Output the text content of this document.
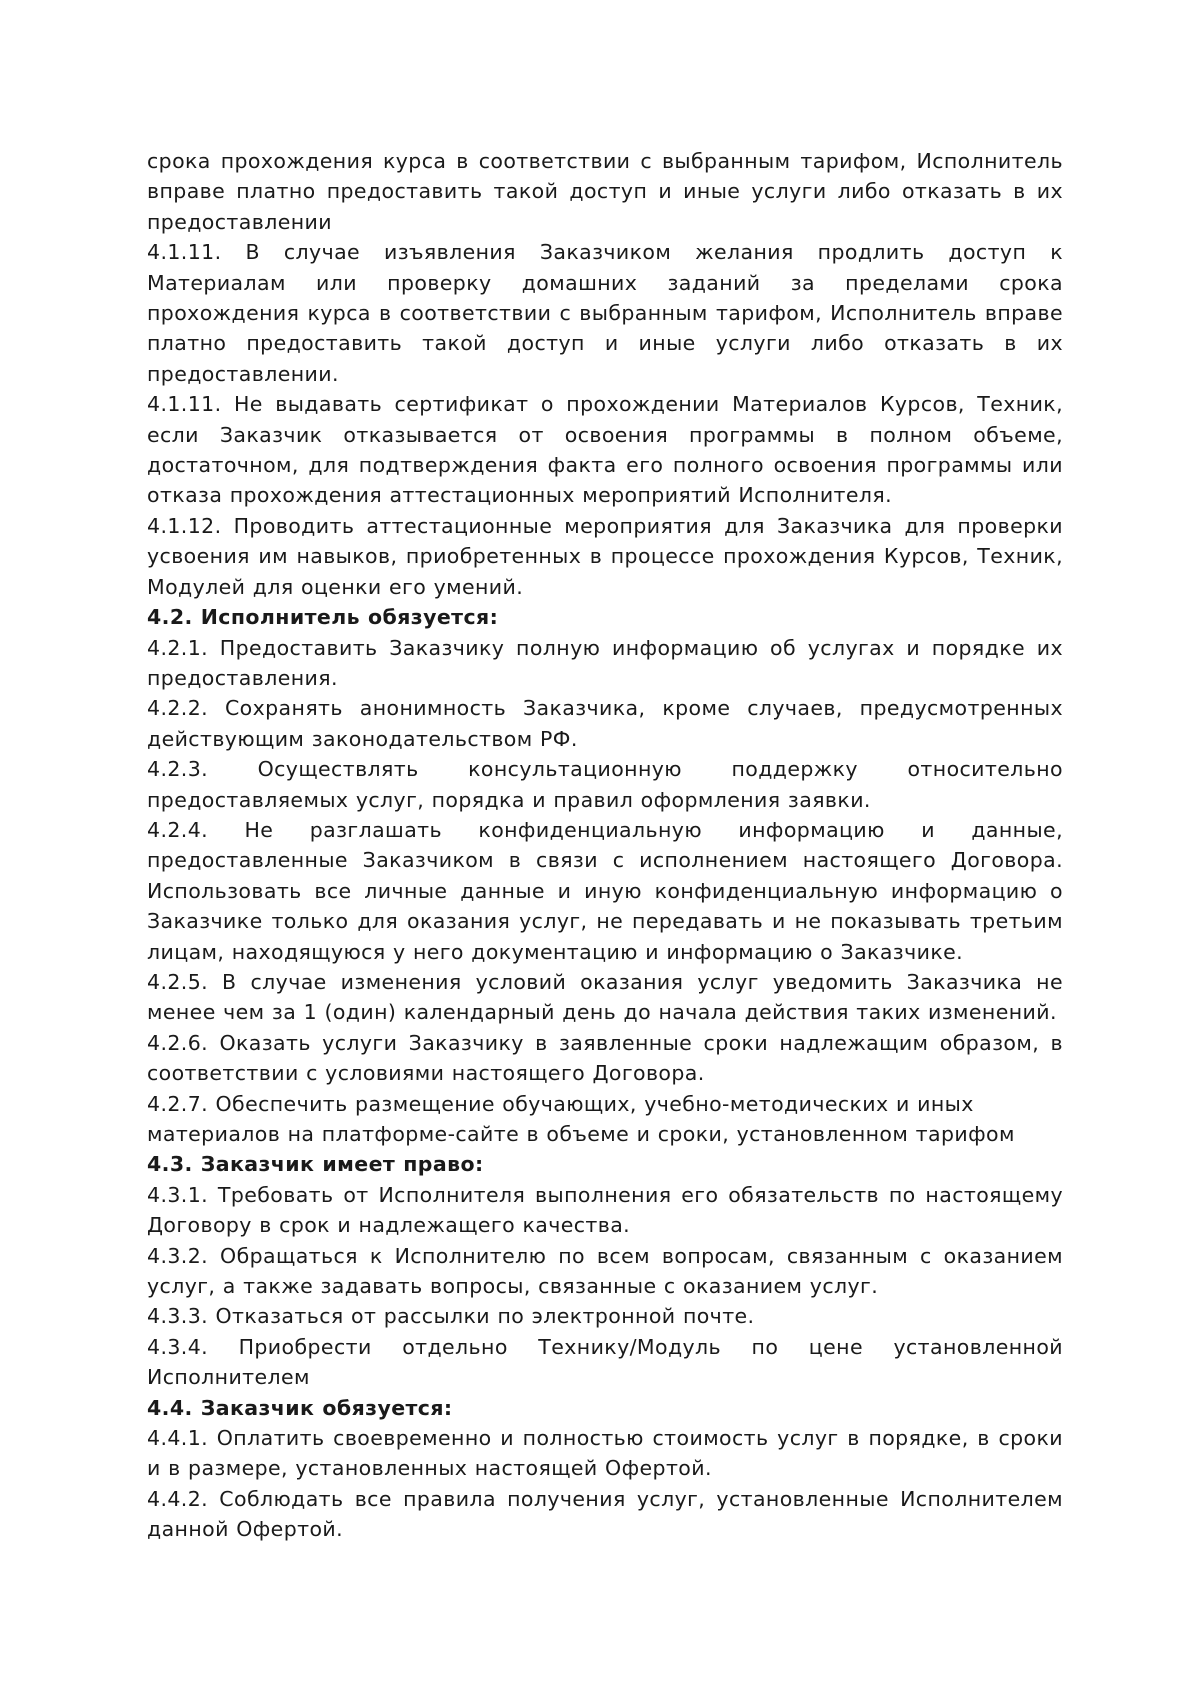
срока прохождения курса в соответствии с выбранным тарифом, Исполнитель вправе платно предоставить такой доступ и иные услуги либо отказать в их предоставлении

4.1.11. В случае изъявления Заказчиком желания продлить доступ к Материалам или проверку домашних заданий за пределами срока прохождения курса в соответствии с выбранным тарифом, Исполнитель вправе платно предоставить такой доступ и иные услуги либо отказать в их предоставлении.

4.1.11. Не выдавать сертификат о прохождении Материалов Курсов, Техник, если Заказчик отказывается от освоения программы в полном объеме, достаточном, для подтверждения факта его полного освоения программы или отказа прохождения аттестационных мероприятий Исполнителя.

4.1.12. Проводить аттестационные мероприятия для Заказчика для проверки усвоения им навыков, приобретенных в процессе прохождения Курсов, Техник, Модулей для оценки его умений.

4.2. Исполнитель обязуется:

4.2.1. Предоставить Заказчику полную информацию об услугах и порядке их предоставления.

4.2.2. Сохранять анонимность Заказчика, кроме случаев, предусмотренных действующим законодательством РФ.

4.2.3. Осуществлять консультационную поддержку относительно предоставляемых услуг, порядка и правил оформления заявки.

4.2.4. Не разглашать конфиденциальную информацию и данные, предоставленные Заказчиком в связи с исполнением настоящего Договора. Использовать все личные данные и иную конфиденциальную информацию о Заказчике только для оказания услуг, не передавать и не показывать третьим лицам, находящуюся у него документацию и информацию о Заказчике.

4.2.5. В случае изменения условий оказания услуг уведомить Заказчика не менее чем за 1 (один) календарный день до начала действия таких изменений.

4.2.6. Оказать услуги Заказчику в заявленные сроки надлежащим образом, в соответствии с условиями настоящего Договора.

4.2.7. Обеспечить размещение обучающих, учебно-методических и иных материалов на платформе-сайте в объеме и сроки, установленном тарифом

4.3. Заказчик имеет право:

4.3.1. Требовать от Исполнителя выполнения его обязательств по настоящему Договору в срок и надлежащего качества.

4.3.2. Обращаться к Исполнителю по всем вопросам, связанным с оказанием услуг, а также задавать вопросы, связанные с оказанием услуг.

4.3.3. Отказаться от рассылки по электронной почте.

4.3.4. Приобрести отдельно Технику/Модуль по цене установленной Исполнителем

4.4. Заказчик обязуется:

4.4.1. Оплатить своевременно и полностью стоимость услуг в порядке, в сроки и в размере, установленных настоящей Офертой.

4.4.2. Соблюдать все правила получения услуг, установленные Исполнителем данной Офертой.
